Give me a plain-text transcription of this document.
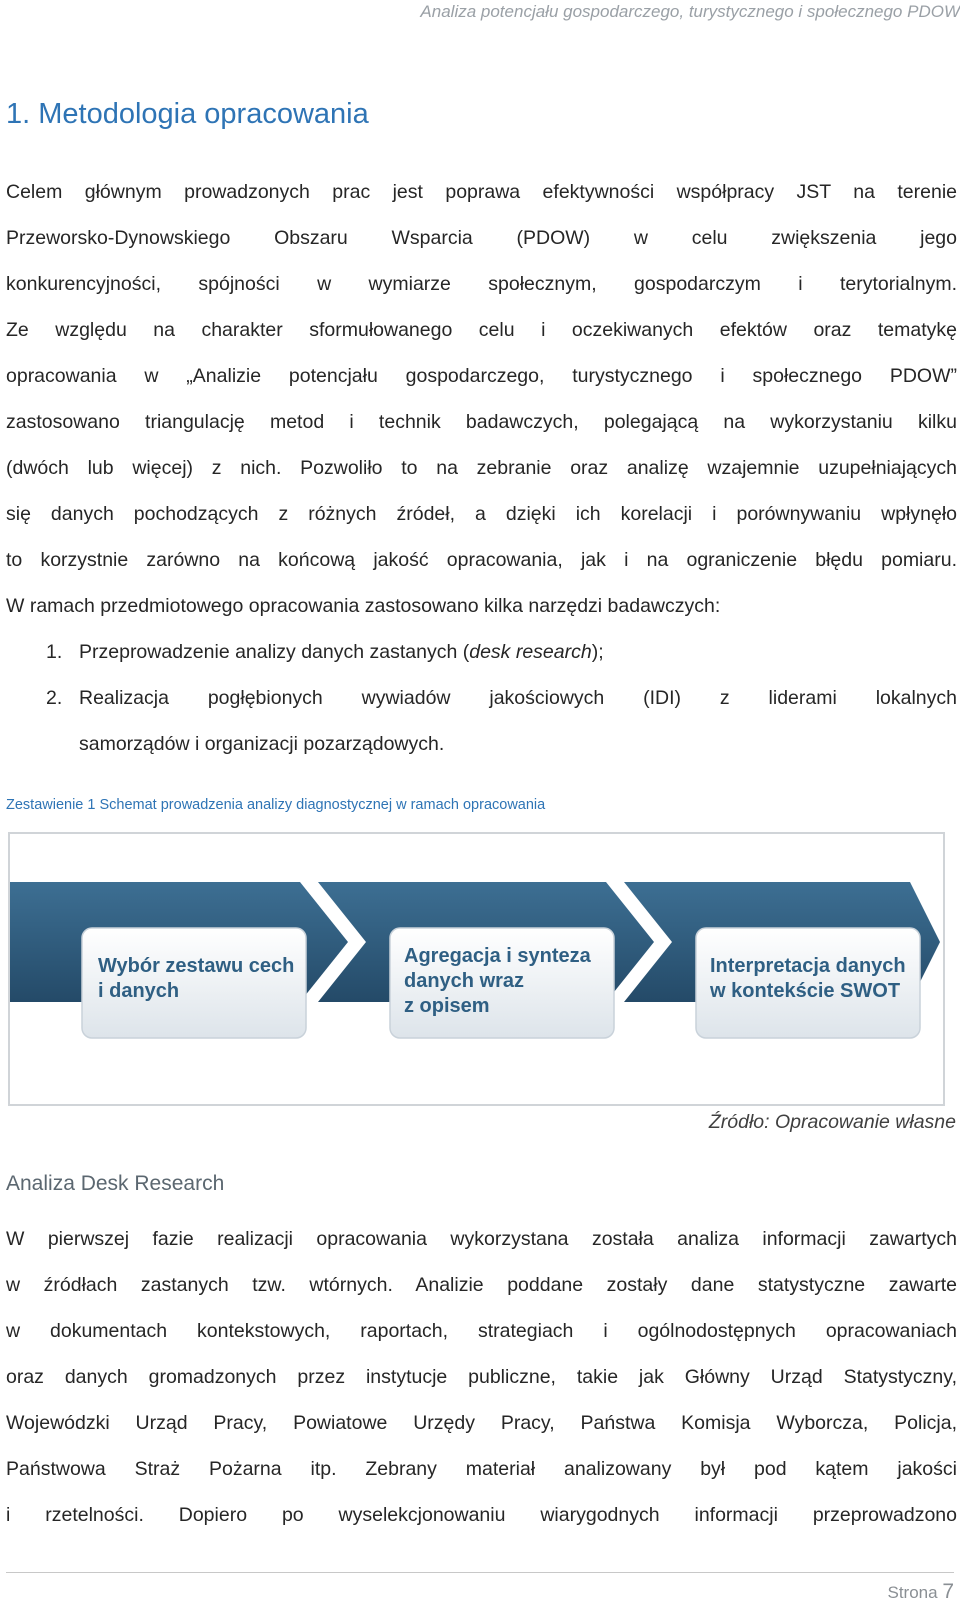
Analiza potencjału gospodarczego, turystycznego i społecznego PDOW
1. Metodologia opracowania
Celem głównym prowadzonych prac jest poprawa efektywności współpracy JST na terenie
Przeworsko-Dynowskiego Obszaru Wsparcia (PDOW) w celu zwiększenia jego
konkurencyjności, spójności w wymiarze społecznym, gospodarczym i terytorialnym.
Ze względu na charakter sformułowanego celu i oczekiwanych efektów oraz tematykę
opracowania w „Analizie potencjału gospodarczego, turystycznego i społecznego PDOW”
zastosowano triangulację metod i technik badawczych, polegającą na wykorzystaniu kilku
(dwóch lub więcej) z nich. Pozwoliło to na zebranie oraz analizę wzajemnie uzupełniających
się danych pochodzących z różnych źródeł, a dzięki ich korelacji i porównywaniu wpłynęło
to korzystnie zarówno na końcową jakość opracowania, jak i na ograniczenie błędu pomiaru.
W ramach przedmiotowego opracowania zastosowano kilka narzędzi badawczych:
1. Przeprowadzenie analizy danych zastanych (desk research);
2. Realizacja pogłębionych wywiadów jakościowych (IDI) z liderami lokalnych
samorządów i organizacji pozarządowych.
Zestawienie 1 Schemat prowadzenia analizy diagnostycznej w ramach opracowania
Wybór zestawu cech
i danych
Agregacja i synteza
danych wraz
z opisem
Interpretacja danych
w kontekście SWOT
Źródło: Opracowanie własne
Analiza Desk Research
W pierwszej fazie realizacji opracowania wykorzystana została analiza informacji zawartych
w źródłach zastanych tzw. wtórnych. Analizie poddane zostały dane statystyczne zawarte
w dokumentach kontekstowych, raportach, strategiach i ogólnodostępnych opracowaniach
oraz danych gromadzonych przez instytucje publiczne, takie jak Główny Urząd Statystyczny,
Wojewódzki Urząd Pracy, Powiatowe Urzędy Pracy, Państwa Komisja Wyborcza, Policja,
Państwowa Straż Pożarna itp. Zebrany materiał analizowany był pod kątem jakości
i rzetelności. Dopiero po wyselekcjonowaniu wiarygodnych informacji przeprowadzono
Strona 7
